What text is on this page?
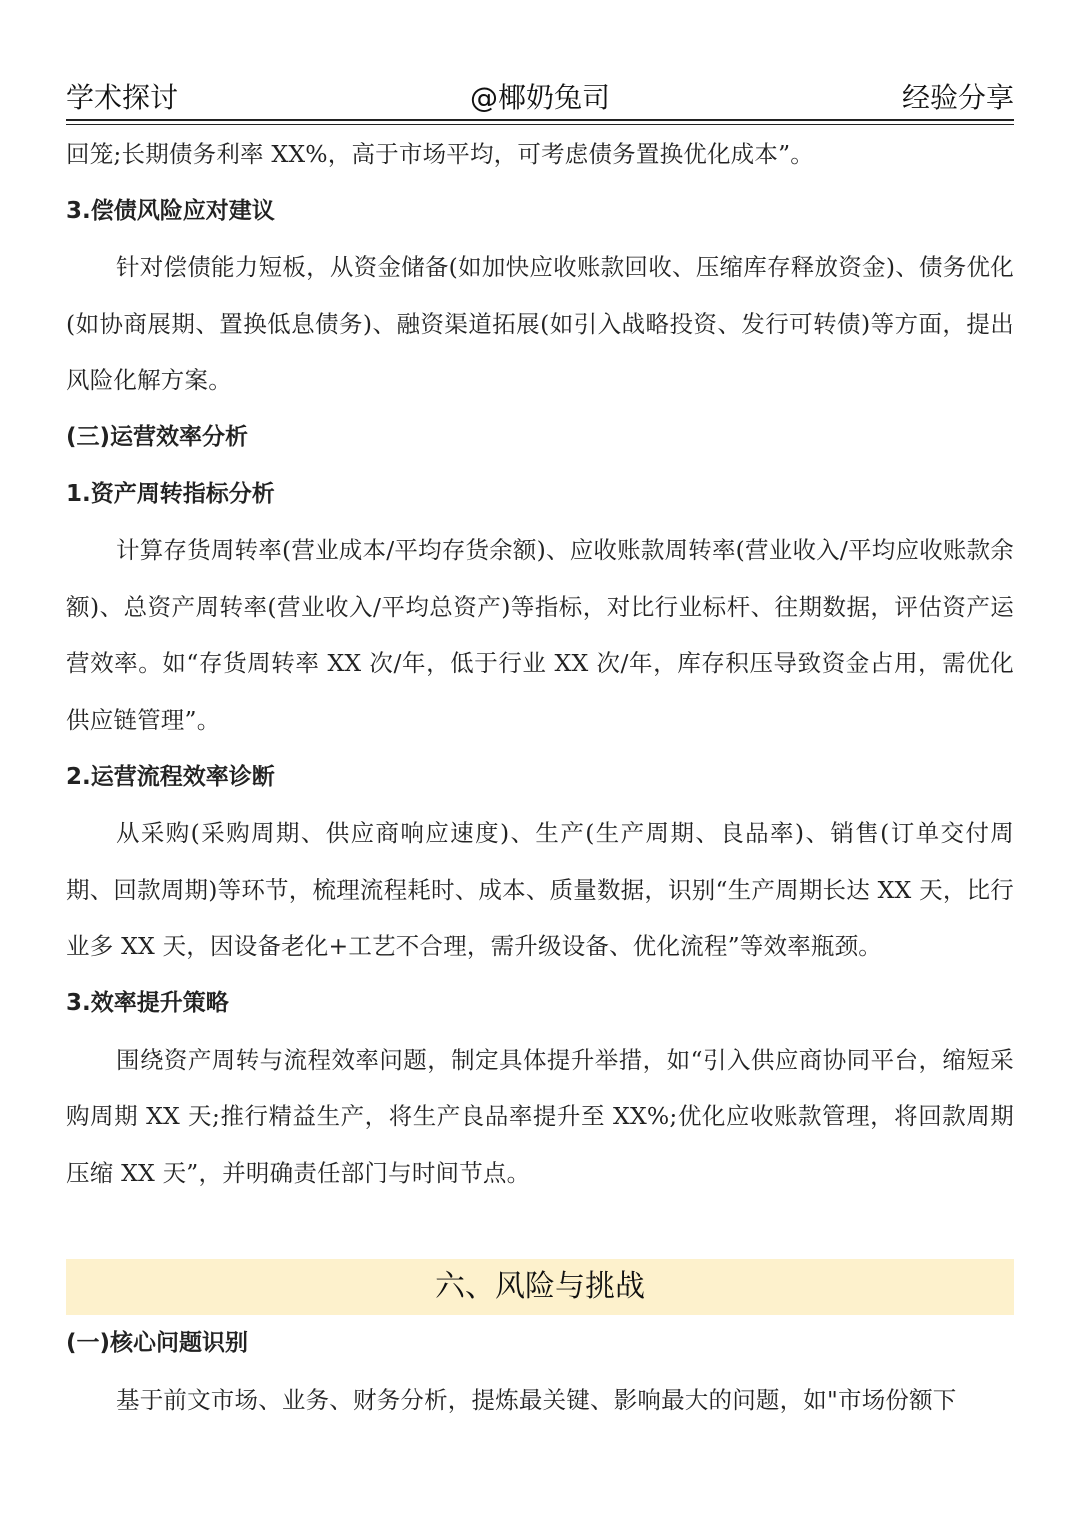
学术探讨	@椰奶兔司	经验分享

回笼;长期债务利率 XX%，高于市场平均，可考虑债务置换优化成本”。

3.偿债风险应对建议

针对偿债能力短板，从资金储备(如加快应收账款回收、压缩库存释放资金)、债务优化(如协商展期、置换低息债务)、融资渠道拓展(如引入战略投资、发行可转债)等方面，提出风险化解方案。

(三)运营效率分析

1.资产周转指标分析

计算存货周转率(营业成本/平均存货余额)、应收账款周转率(营业收入/平均应收账款余额)、总资产周转率(营业收入/平均总资产)等指标，对比行业标杆、往期数据，评估资产运营效率。如“存货周转率 XX 次/年，低于行业 XX 次/年，库存积压导致资金占用，需优化供应链管理”。

2.运营流程效率诊断

从采购(采购周期、供应商响应速度)、生产(生产周期、良品率)、销售(订单交付周期、回款周期)等环节，梳理流程耗时、成本、质量数据，识别“生产周期长达 XX 天，比行业多 XX 天，因设备老化+工艺不合理，需升级设备、优化流程”等效率瓶颈。

3.效率提升策略

围绕资产周转与流程效率问题，制定具体提升举措，如“引入供应商协同平台，缩短采购周期 XX 天;推行精益生产，将生产良品率提升至 XX%;优化应收账款管理，将回款周期压缩 XX 天”，并明确责任部门与时间节点。

六、风险与挑战

(一)核心问题识别

基于前文市场、业务、财务分析，提炼最关键、影响最大的问题，如"市场份额下
